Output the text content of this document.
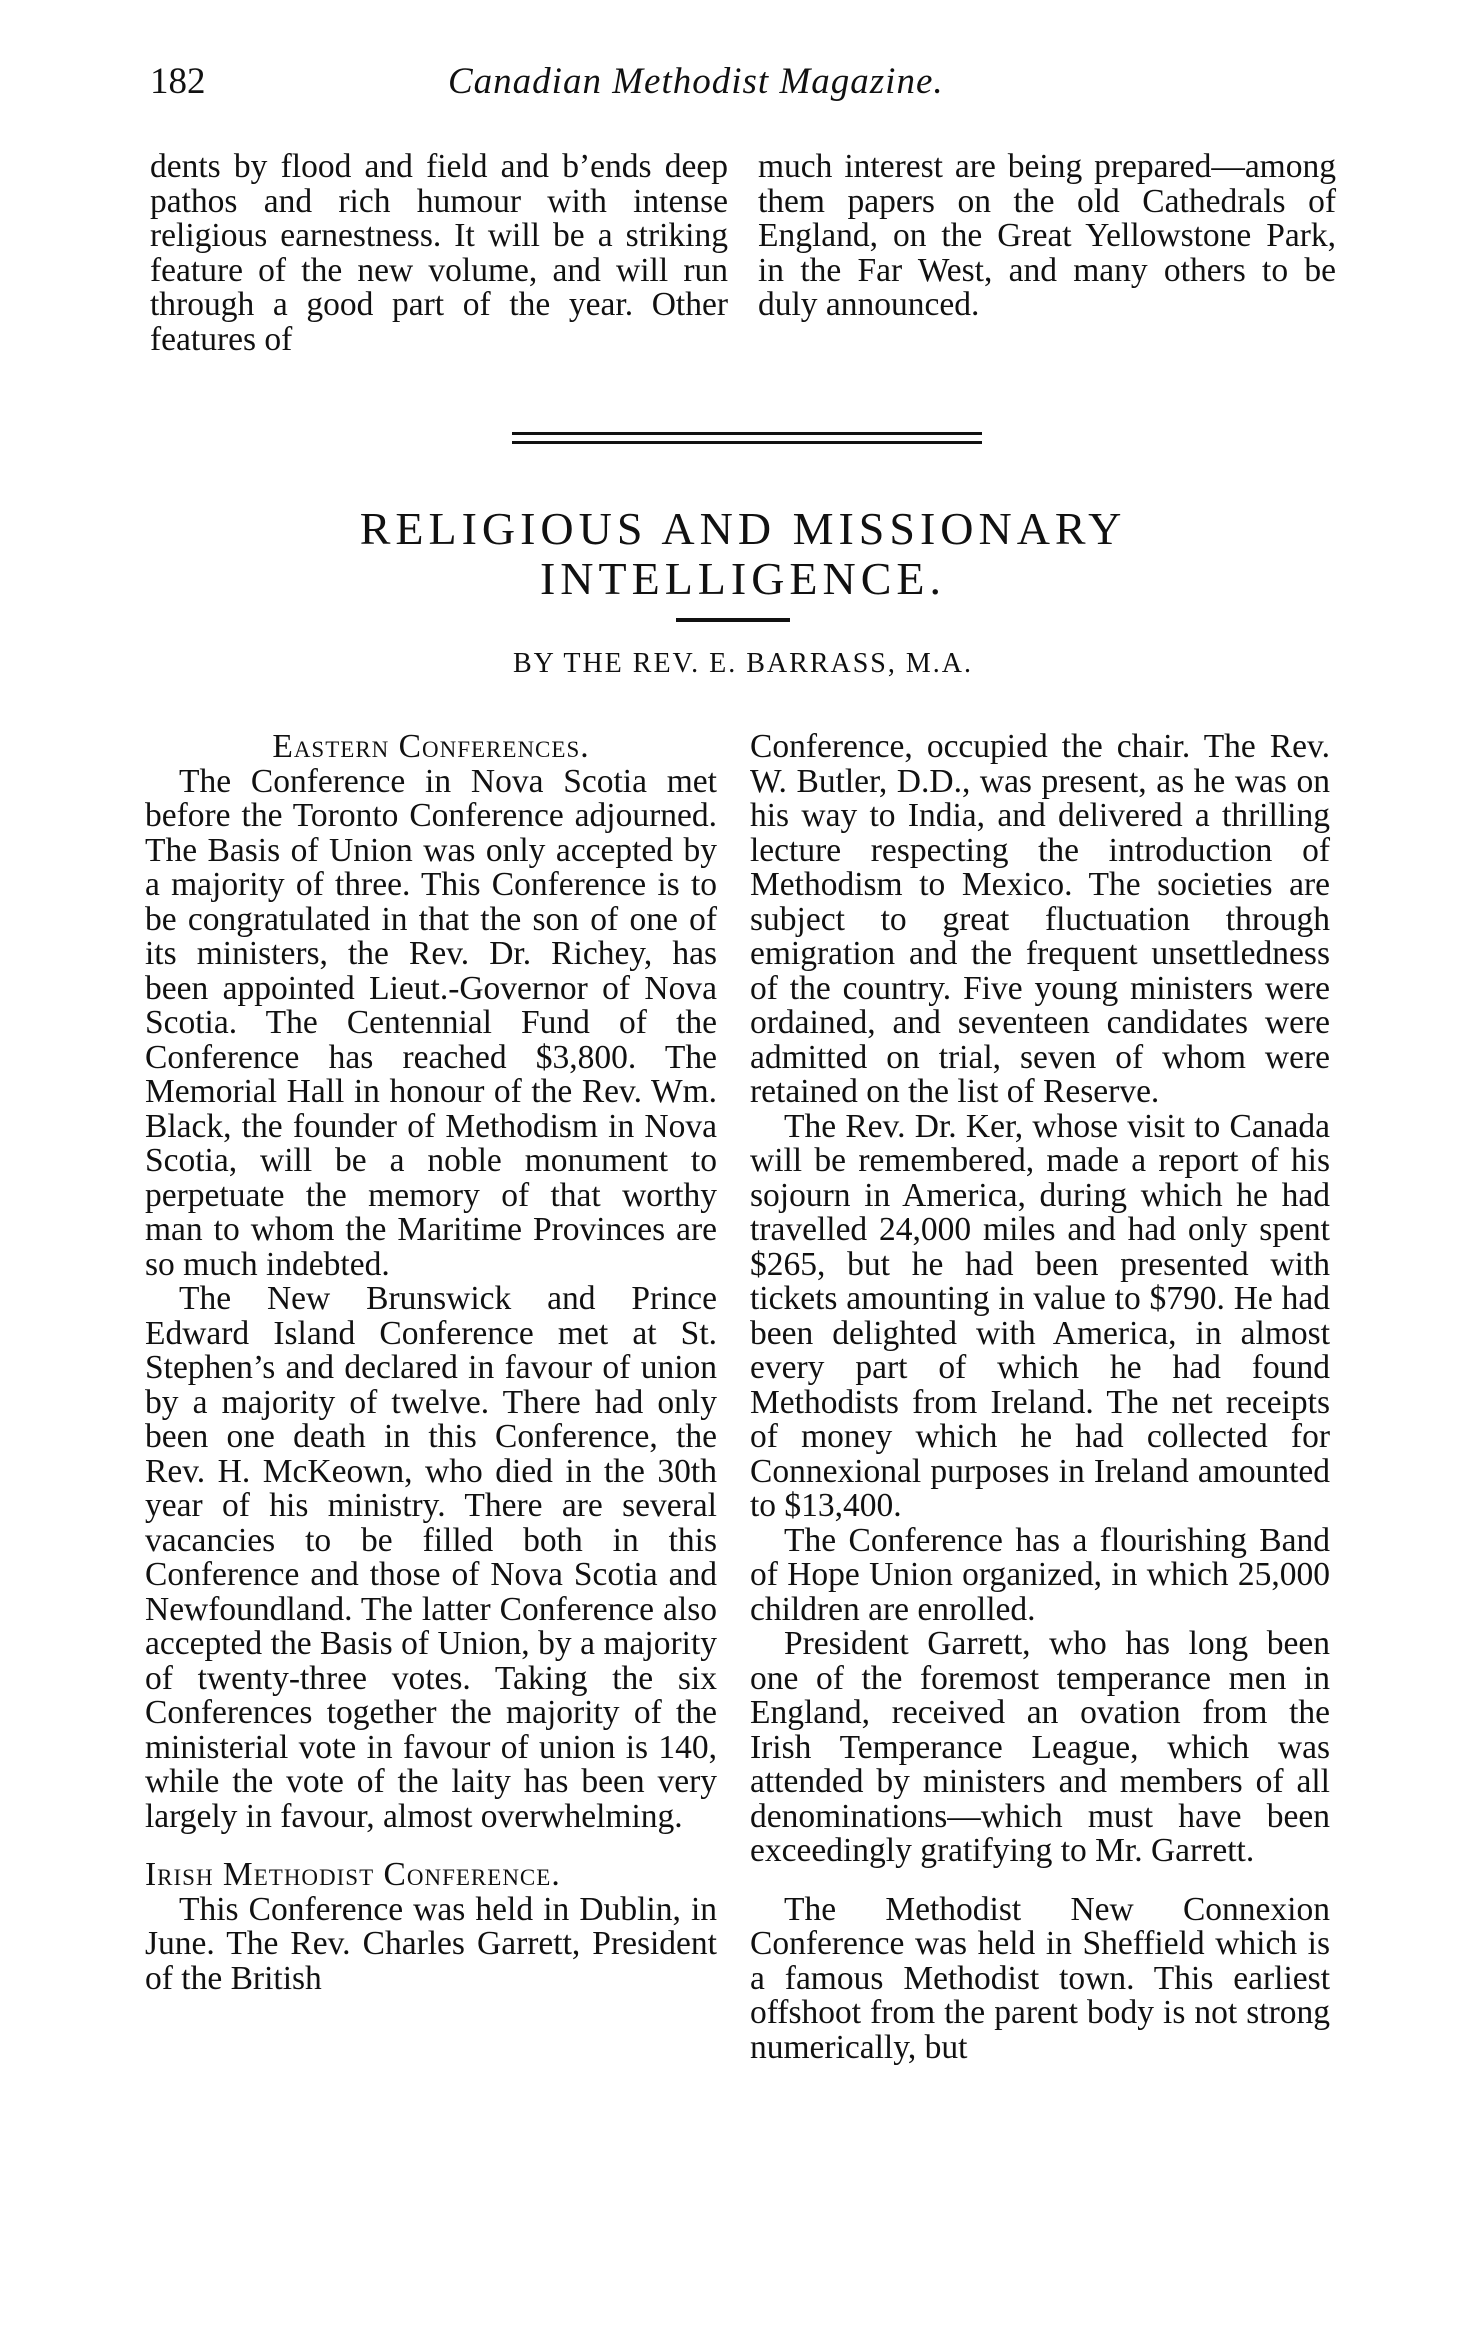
182	Canadian Methodist Magazine.

dents by flood and field and b’ends deep pathos and rich humour with intense religious earnestness. It will be a striking feature of the new volume, and will run through a good part of the year. Other features of

much interest are being prepared—among them papers on the old Cathedrals of England, on the Great Yellowstone Park, in the Far West, and many others to be duly announced.

RELIGIOUS AND MISSIONARY
INTELLIGENCE.
BY THE REV. E. BARRASS, M.A.

Eastern Conferences.

The Conference in Nova Scotia met before the Toronto Conference adjourned. The Basis of Union was only accepted by a majority of three. This Conference is to be congratulated in that the son of one of its ministers, the Rev. Dr. Richey, has been appointed Lieut.-Governor of Nova Scotia. The Centennial Fund of the Conference has reached $3,800. The Memorial Hall in honour of the Rev. Wm. Black, the founder of Methodism in Nova Scotia, will be a noble monument to perpetuate the memory of that worthy man to whom the Maritime Provinces are so much indebted.

The New Brunswick and Prince Edward Island Conference met at St. Stephen’s and declared in favour of union by a majority of twelve. There had only been one death in this Conference, the Rev. H. McKeown, who died in the 30th year of his ministry. There are several vacancies to be filled both in this Conference and those of Nova Scotia and Newfoundland. The latter Conference also accepted the Basis of Union, by a majority of twenty-three votes. Taking the six Conferences together the majority of the ministerial vote in favour of union is 140, while the vote of the laity has been very largely in favour, almost overwhelming.

Irish Methodist Conference.

This Conference was held in Dublin, in June. The Rev. Charles Garrett, President of the British

Conference, occupied the chair. The Rev. W. Butler, D.D., was present, as he was on his way to India, and delivered a thrilling lecture respecting the introduction of Methodism to Mexico. The societies are subject to great fluctuation through emigration and the frequent unsettledness of the country. Five young ministers were ordained, and seventeen candidates were admitted on trial, seven of whom were retained on the list of Reserve.

The Rev. Dr. Ker, whose visit to Canada will be remembered, made a report of his sojourn in America, during which he had travelled 24,000 miles and had only spent $265, but he had been presented with tickets amounting in value to $790. He had been delighted with America, in almost every part of which he had found Methodists from Ireland. The net receipts of money which he had collected for Connexional purposes in Ireland amounted to $13,400.

The Conference has a flourishing Band of Hope Union organized, in which 25,000 children are enrolled.

President Garrett, who has long been one of the foremost temperance men in England, received an ovation from the Irish Temperance League, which was attended by ministers and members of all denominations—which must have been exceedingly gratifying to Mr. Garrett.

The Methodist New Connexion Conference was held in Sheffield which is a famous Methodist town. This earliest offshoot from the parent body is not strong numerically, but
